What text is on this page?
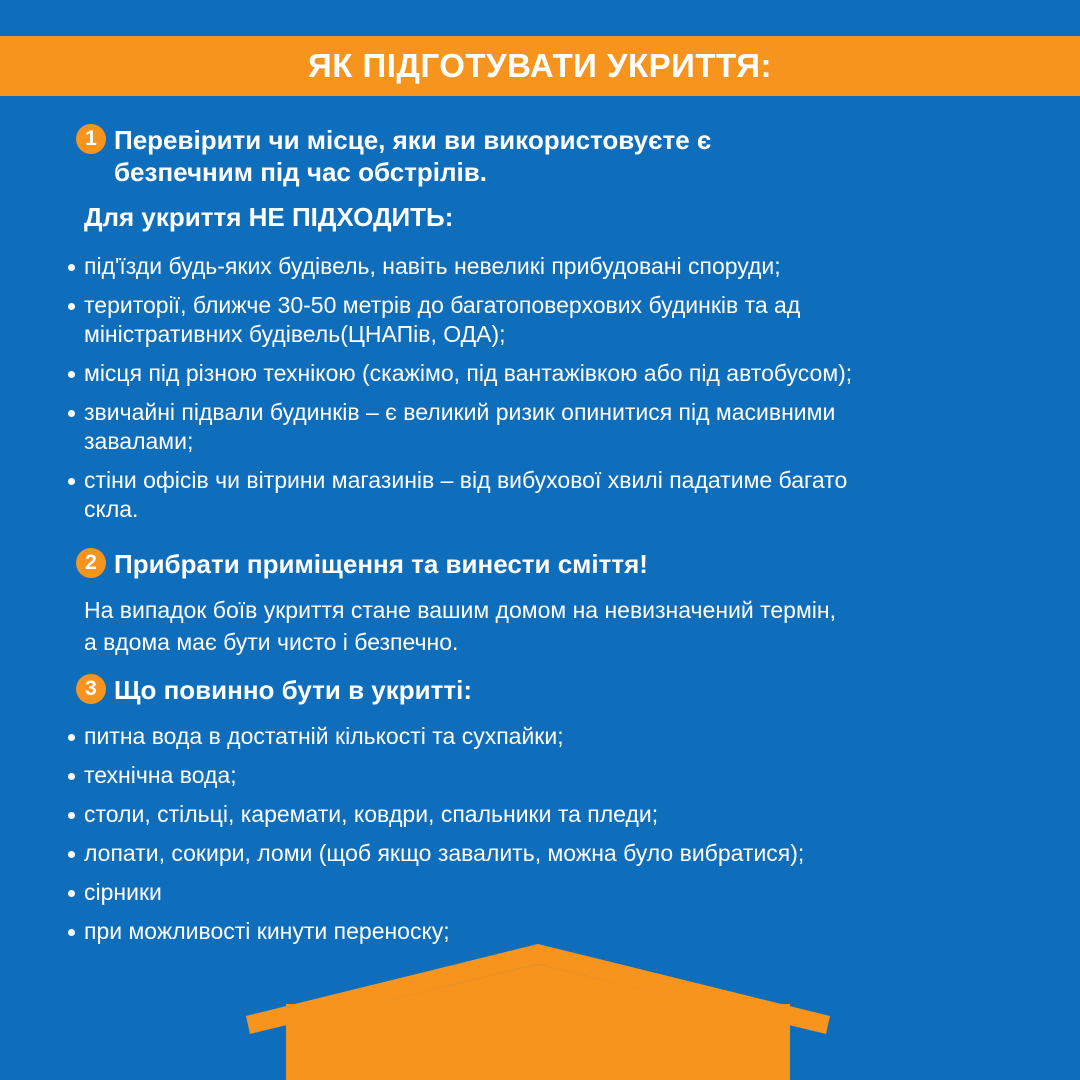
ЯК ПІДГОТУВАТИ УКРИТТЯ:
1 Перевірити чи місце, яки ви використовуєте є
безпечним під час обстрілів.
Для укриття НЕ ПІДХОДИТЬ:
під'їзди будь-яких будівель, навіть невеликі прибудовані споруди;
території, ближче 30-50 метрів до багатоповерхових будинків та ад
міністративних будівель(ЦНАПів, ОДА);
місця під різною технікою (скажімо, під вантажівкою або під автобусом);
звичайні підвали будинків – є великий ризик опинитися під масивними
завалами;
стіни офісів чи вітрини магазинів – від вибухової хвилі падатиме багато
скла.
2 Прибрати приміщення та винести сміття!
На випадок боїв укриття стане вашим домом на невизначений термін,
а вдома має бути чисто і безпечно.
3 Що повинно бути в укритті:
питна вода в достатній кількості та сухпайки;
технічна вода;
столи, стільці, каремати, ковдри, спальники та пледи;
лопати, сокири, ломи (щоб якщо завалить, можна було вибратися);
сірники
при можливості кинути переноску;
